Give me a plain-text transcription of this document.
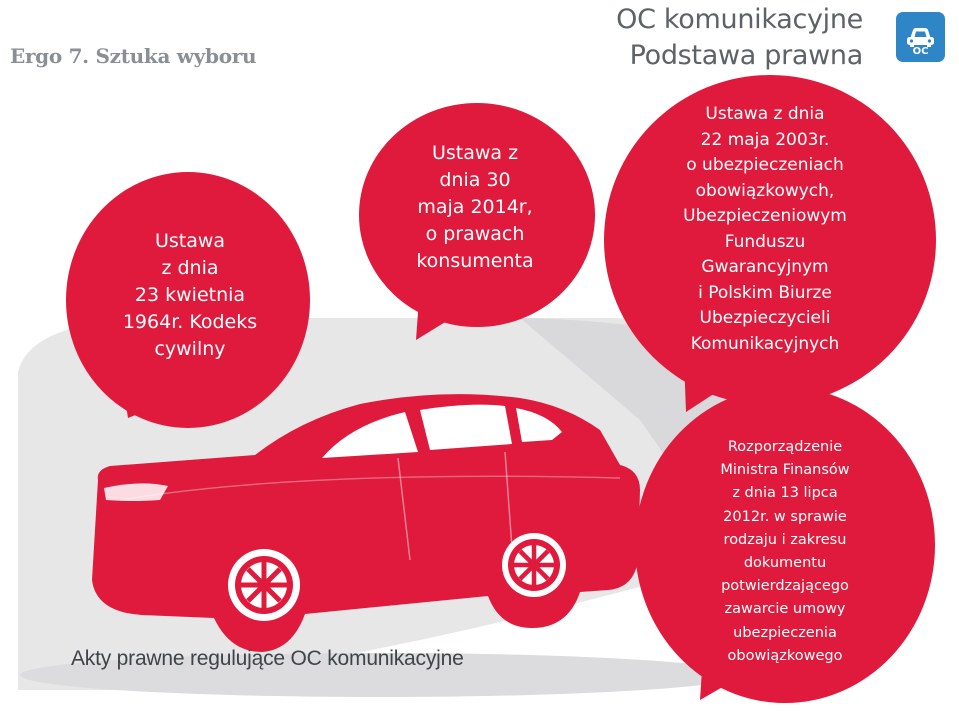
Ergo 7. Sztuka wyboru
OC komunikacyjne
Podstawa prawna	OC
Ustawa
z dnia
23 kwietnia
1964r. Kodeks
cywilny
Ustawa z
dnia 30
maja 2014r,
o prawach
konsumenta
Ustawa z dnia
22 maja 2003r.
o ubezpieczeniach
obowiązkowych,
Ubezpieczeniowym
Funduszu
Gwarancyjnym
i Polskim Biurze
Ubezpieczycieli
Komunikacyjnych
Rozporządzenie
Ministra Finansów
z dnia 13 lipca
2012r. w sprawie
rodzaju i zakresu
dokumentu
potwierdzającego
zawarcie umowy
ubezpieczenia
obowiązkowego
Akty prawne regulujące OC komunikacyjne
